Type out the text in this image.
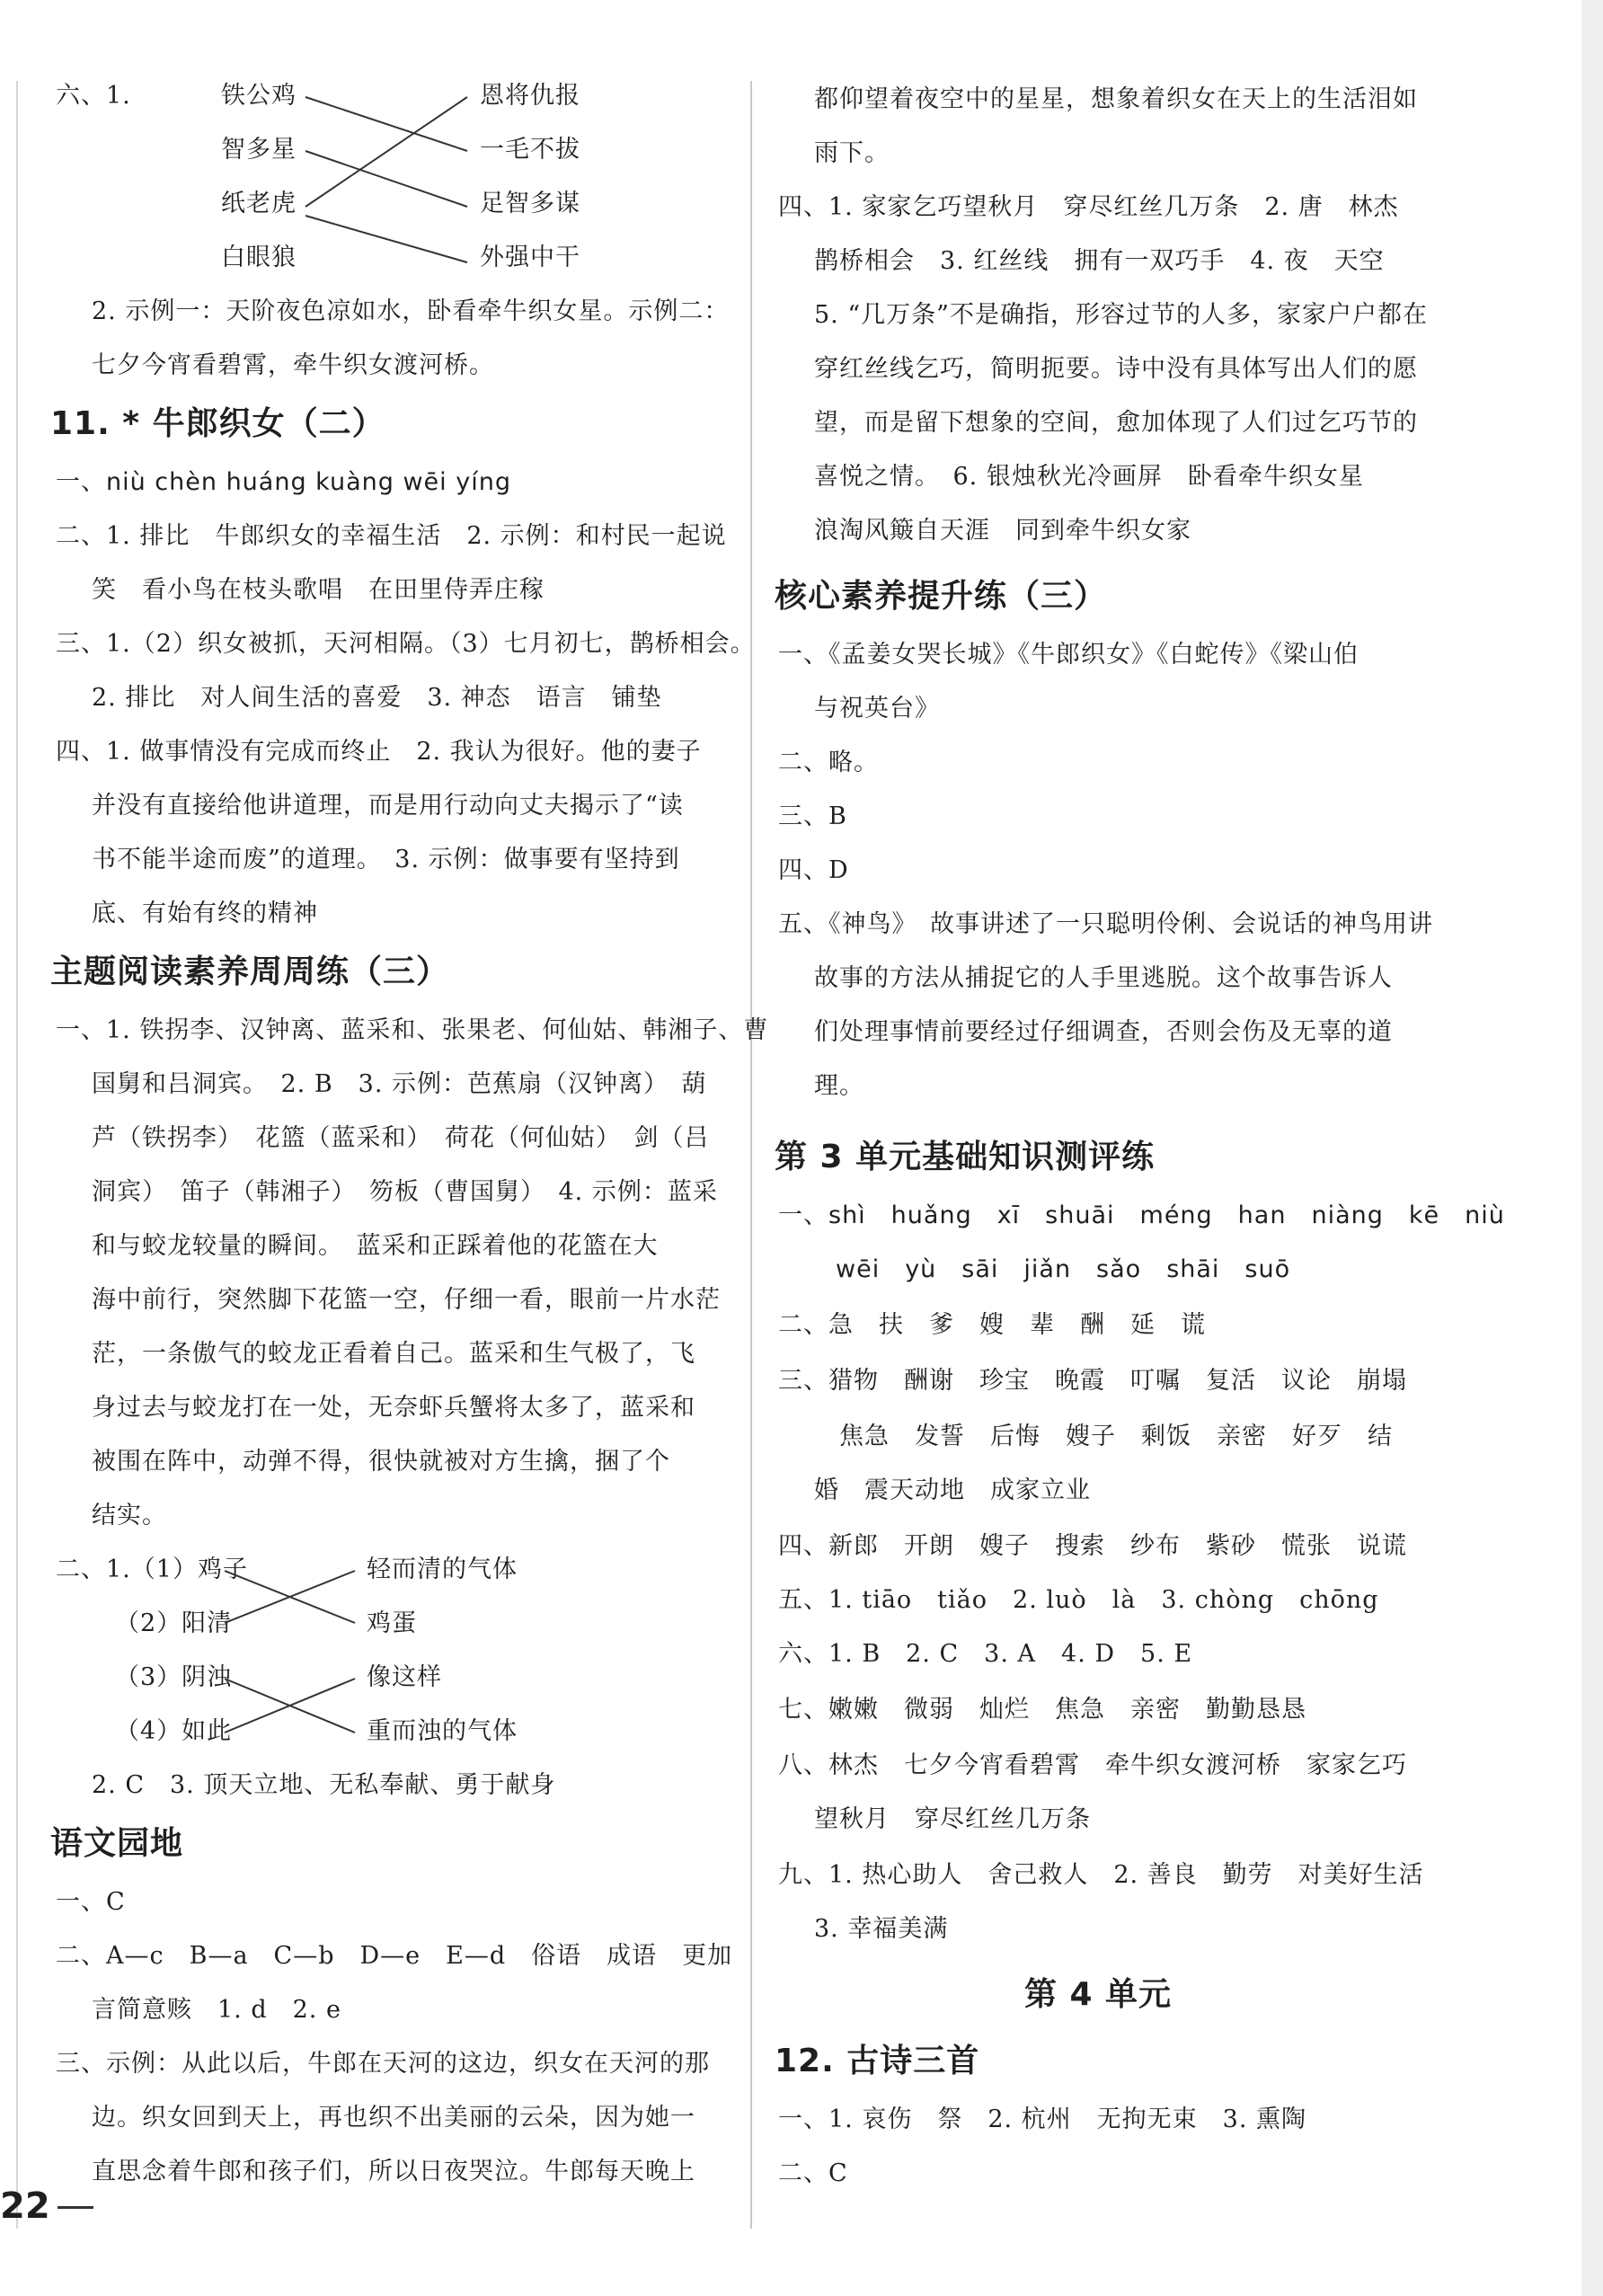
六、1.	铁公鸡	恩将仇报
智多星	一毛不拔
纸老虎	足智多谋
白眼狼	外强中干
2. 示例一：天阶夜色凉如水，卧看牵牛织女星。示例二：
七夕今宵看碧霄，牵牛织女渡河桥。
11. * 牛郎织女（二）
一、niù chèn huáng kuàng wēi yíng
二、1. 排比　牛郎织女的幸福生活　2. 示例：和村民一起说
笑　看小鸟在枝头歌唱　在田里侍弄庄稼
三、1.（2）织女被抓，天河相隔。（3）七月初七，鹊桥相会。
2. 排比　对人间生活的喜爱　3. 神态　语言　铺垫
四、1. 做事情没有完成而终止　2. 我认为很好。他的妻子
并没有直接给他讲道理，而是用行动向丈夫揭示了“读
书不能半途而废”的道理。　3. 示例：做事要有坚持到
底、有始有终的精神
主题阅读素养周周练（三）
一、1. 铁拐李、汉钟离、蓝采和、张果老、何仙姑、韩湘子、曹
国舅和吕洞宾。　2. B　3. 示例：芭蕉扇（汉钟离）　葫
芦（铁拐李）　花篮（蓝采和）　荷花（何仙姑）　剑（吕
洞宾）　笛子（韩湘子）　笏板（曹国舅）　4. 示例：蓝采
和与蛟龙较量的瞬间。　蓝采和正踩着他的花篮在大
海中前行，突然脚下花篮一空，仔细一看，眼前一片水茫
茫，一条傲气的蛟龙正看着自己。蓝采和生气极了，飞
身过去与蛟龙打在一处，无奈虾兵蟹将太多了，蓝采和
被围在阵中，动弹不得，很快就被对方生擒，捆了个
结实。
二、1.（1）鸡子	轻而清的气体
（2）阳清	鸡蛋
（3）阴浊	像这样
（4）如此	重而浊的气体
2. C　3. 顶天立地、无私奉献、勇于献身
语文园地
一、C
二、A—c　B—a　C—b　D—e　E—d　俗语　成语　更加
言简意赅　1. d　2. e
三、示例：从此以后，牛郎在天河的这边，织女在天河的那
边。织女回到天上，再也织不出美丽的云朵，因为她一
直思念着牛郎和孩子们，所以日夜哭泣。牛郎每天晚上
都仰望着夜空中的星星，想象着织女在天上的生活泪如
雨下。
四、1. 家家乞巧望秋月　穿尽红丝几万条　2. 唐　林杰
鹊桥相会　3. 红丝线　拥有一双巧手　4. 夜　天空
5. “几万条”不是确指，形容过节的人多，家家户户都在
穿红丝线乞巧，简明扼要。诗中没有具体写出人们的愿
望，而是留下想象的空间，愈加体现了人们过乞巧节的
喜悦之情。　6. 银烛秋光冷画屏　卧看牵牛织女星
浪淘风簸自天涯　同到牵牛织女家
核心素养提升练（三）
一、《孟姜女哭长城》《牛郎织女》《白蛇传》《梁山伯
与祝英台》
二、略。
三、B
四、D
五、《神鸟》　故事讲述了一只聪明伶俐、会说话的神鸟用讲
故事的方法从捕捉它的人手里逃脱。这个故事告诉人
们处理事情前要经过仔细调查，否则会伤及无辜的道
理。
第 3 单元基础知识测评练
一、shì　huǎng　xī　shuāi　méng　han　niàng　kē　niù
wēi　yù　sāi　jiǎn　sǎo　shāi　suō
二、急　扶　爹　嫂　辈　酬　延　谎
三、猎物　酬谢　珍宝　晚霞　叮嘱　复活　议论　崩塌
焦急　发誓　后悔　嫂子　剩饭　亲密　好歹　结
婚　震天动地　成家立业
四、新郎　开朗　嫂子　搜索　纱布　紫砂　慌张　说谎
五、1. tiāo　tiǎo　2. luò　là　3. chòng　chōng
六、1. B　2. C　3. A　4. D　5. E
七、嫩嫩　微弱　灿烂　焦急　亲密　勤勤恳恳
八、林杰　七夕今宵看碧霄　牵牛织女渡河桥　家家乞巧
望秋月　穿尽红丝几万条
九、1. 热心助人　舍己救人　2. 善良　勤劳　对美好生活
3. 幸福美满
第 4 单元
12. 古诗三首
一、1. 哀伤　祭　2. 杭州　无拘无束　3. 熏陶
二、C
22
